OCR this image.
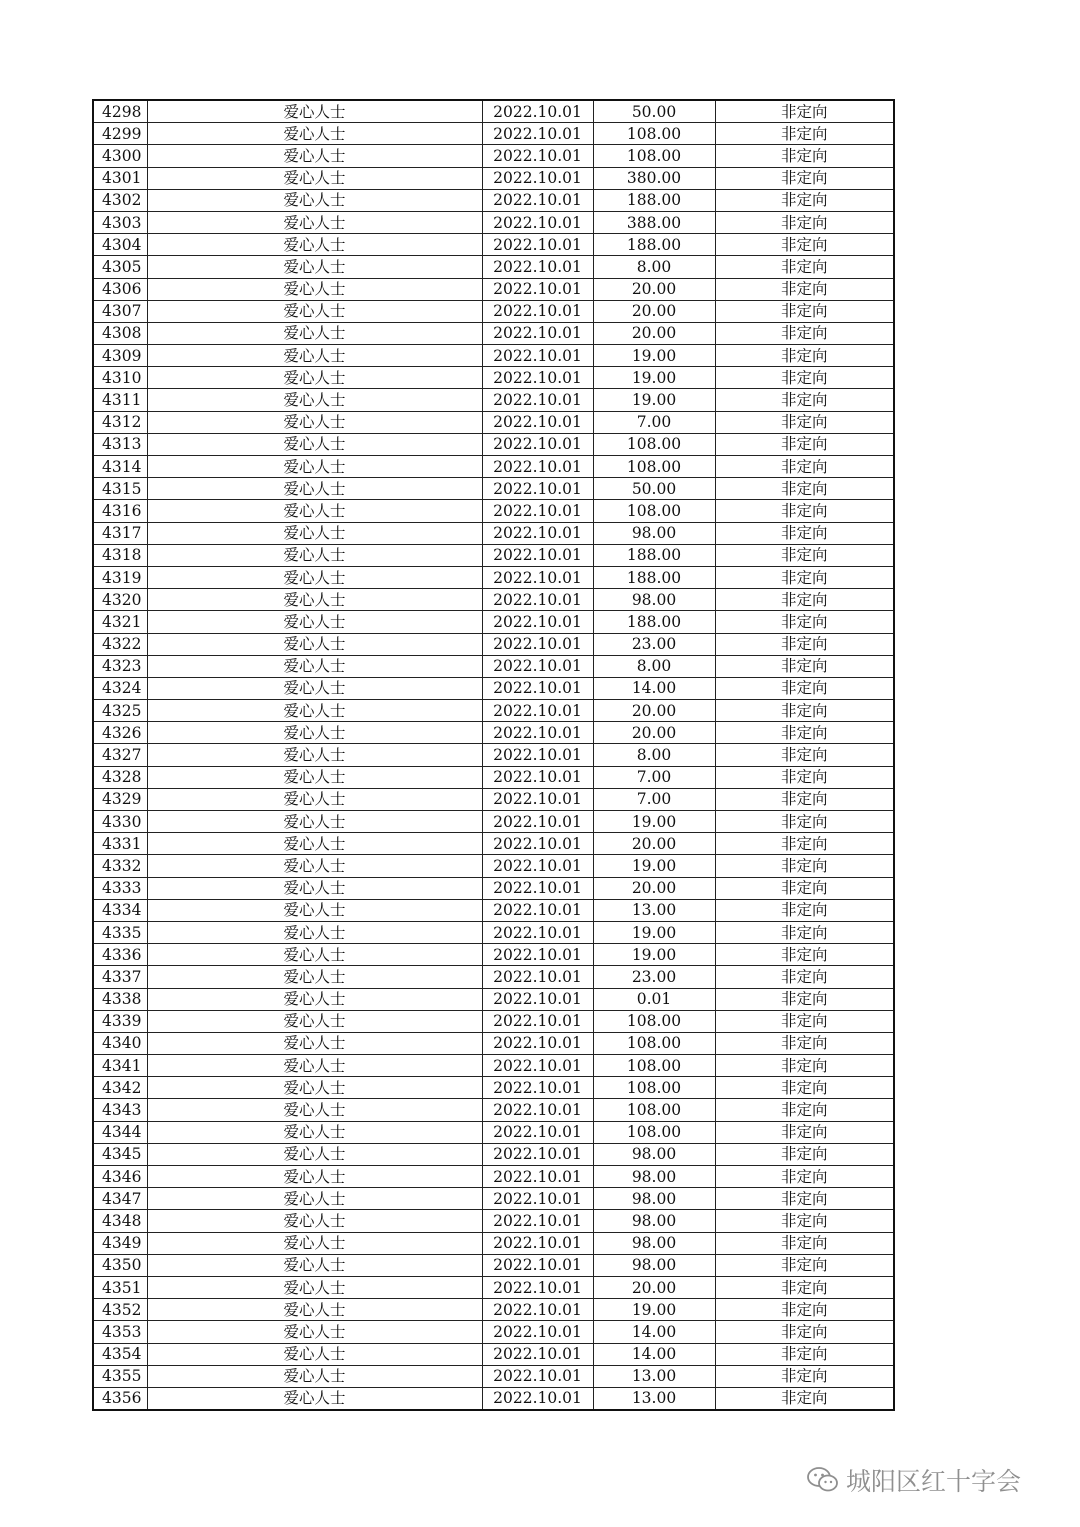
4298	爱心人士	2022.10.01	50.00	非定向
4299	爱心人士	2022.10.01	108.00	非定向
4300	爱心人士	2022.10.01	108.00	非定向
4301	爱心人士	2022.10.01	380.00	非定向
4302	爱心人士	2022.10.01	188.00	非定向
4303	爱心人士	2022.10.01	388.00	非定向
4304	爱心人士	2022.10.01	188.00	非定向
4305	爱心人士	2022.10.01	8.00	非定向
4306	爱心人士	2022.10.01	20.00	非定向
4307	爱心人士	2022.10.01	20.00	非定向
4308	爱心人士	2022.10.01	20.00	非定向
4309	爱心人士	2022.10.01	19.00	非定向
4310	爱心人士	2022.10.01	19.00	非定向
4311	爱心人士	2022.10.01	19.00	非定向
4312	爱心人士	2022.10.01	7.00	非定向
4313	爱心人士	2022.10.01	108.00	非定向
4314	爱心人士	2022.10.01	108.00	非定向
4315	爱心人士	2022.10.01	50.00	非定向
4316	爱心人士	2022.10.01	108.00	非定向
4317	爱心人士	2022.10.01	98.00	非定向
4318	爱心人士	2022.10.01	188.00	非定向
4319	爱心人士	2022.10.01	188.00	非定向
4320	爱心人士	2022.10.01	98.00	非定向
4321	爱心人士	2022.10.01	188.00	非定向
4322	爱心人士	2022.10.01	23.00	非定向
4323	爱心人士	2022.10.01	8.00	非定向
4324	爱心人士	2022.10.01	14.00	非定向
4325	爱心人士	2022.10.01	20.00	非定向
4326	爱心人士	2022.10.01	20.00	非定向
4327	爱心人士	2022.10.01	8.00	非定向
4328	爱心人士	2022.10.01	7.00	非定向
4329	爱心人士	2022.10.01	7.00	非定向
4330	爱心人士	2022.10.01	19.00	非定向
4331	爱心人士	2022.10.01	20.00	非定向
4332	爱心人士	2022.10.01	19.00	非定向
4333	爱心人士	2022.10.01	20.00	非定向
4334	爱心人士	2022.10.01	13.00	非定向
4335	爱心人士	2022.10.01	19.00	非定向
4336	爱心人士	2022.10.01	19.00	非定向
4337	爱心人士	2022.10.01	23.00	非定向
4338	爱心人士	2022.10.01	0.01	非定向
4339	爱心人士	2022.10.01	108.00	非定向
4340	爱心人士	2022.10.01	108.00	非定向
4341	爱心人士	2022.10.01	108.00	非定向
4342	爱心人士	2022.10.01	108.00	非定向
4343	爱心人士	2022.10.01	108.00	非定向
4344	爱心人士	2022.10.01	108.00	非定向
4345	爱心人士	2022.10.01	98.00	非定向
4346	爱心人士	2022.10.01	98.00	非定向
4347	爱心人士	2022.10.01	98.00	非定向
4348	爱心人士	2022.10.01	98.00	非定向
4349	爱心人士	2022.10.01	98.00	非定向
4350	爱心人士	2022.10.01	98.00	非定向
4351	爱心人士	2022.10.01	20.00	非定向
4352	爱心人士	2022.10.01	19.00	非定向
4353	爱心人士	2022.10.01	14.00	非定向
4354	爱心人士	2022.10.01	14.00	非定向
4355	爱心人士	2022.10.01	13.00	非定向
4356	爱心人士	2022.10.01	13.00	非定向
城阳区红十字会
